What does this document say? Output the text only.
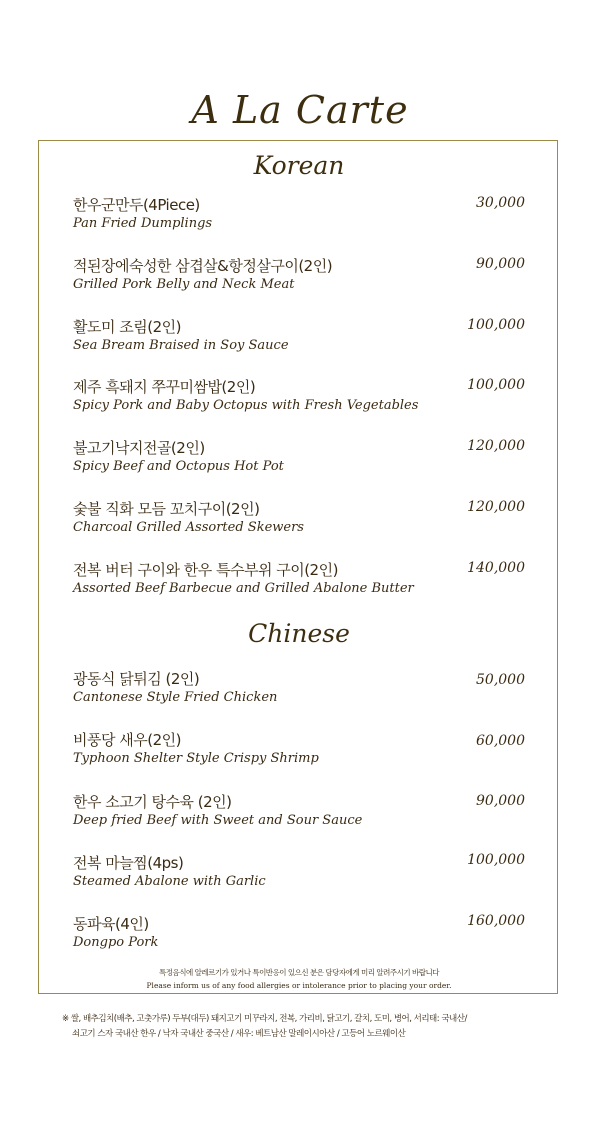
A La Carte
Korean
한우군만두(4Piece)
Pan Fried Dumplings
30,000
적된장에숙성한 삼겹살&항정살구이(2인)
Grilled Pork Belly and Neck Meat
90,000
활도미 조림(2인)
Sea Bream Braised in Soy Sauce
100,000
제주 흑돼지 쭈꾸미쌈밥(2인)
Spicy Pork and Baby Octopus with Fresh Vegetables
100,000
불고기낙지전골(2인)
Spicy Beef and Octopus Hot Pot
120,000
숯불 직화 모듬 꼬치구이(2인)
Charcoal Grilled Assorted Skewers
120,000
전복 버터 구이와 한우 특수부위 구이(2인)
Assorted Beef Barbecue and Grilled Abalone Butter
140,000
Chinese
광동식 닭튀김 (2인)
Cantonese Style Fried Chicken
50,000
비풍당 새우(2인)
Typhoon Shelter Style Crispy Shrimp
60,000
한우 소고기 탕수육 (2인)
Deep fried Beef with Sweet and Sour Sauce
90,000
전복 마늘찜(4ps)
Steamed Abalone with Garlic
100,000
동파육(4인)
Dongpo Pork
160,000
특정음식에 알레르기가 있거나 특이반응이 있으신 분은 담당자에게 미리 알려주시기 바랍니다
Please inform us of any food allergies or intolerance prior to placing your order.
※ 쌀, 배추김치(배추, 고춧가루) 두부(대두) 돼지고기 미꾸라지, 전복, 가리비, 닭고기, 갈치, 도미, 병어, 서리태: 국내산/
쇠고기 스자 국내산 한우 / 낙자 국내산 중국산 / 새우: 베트남산 말레이시아산 / 고등어 노르웨이산
